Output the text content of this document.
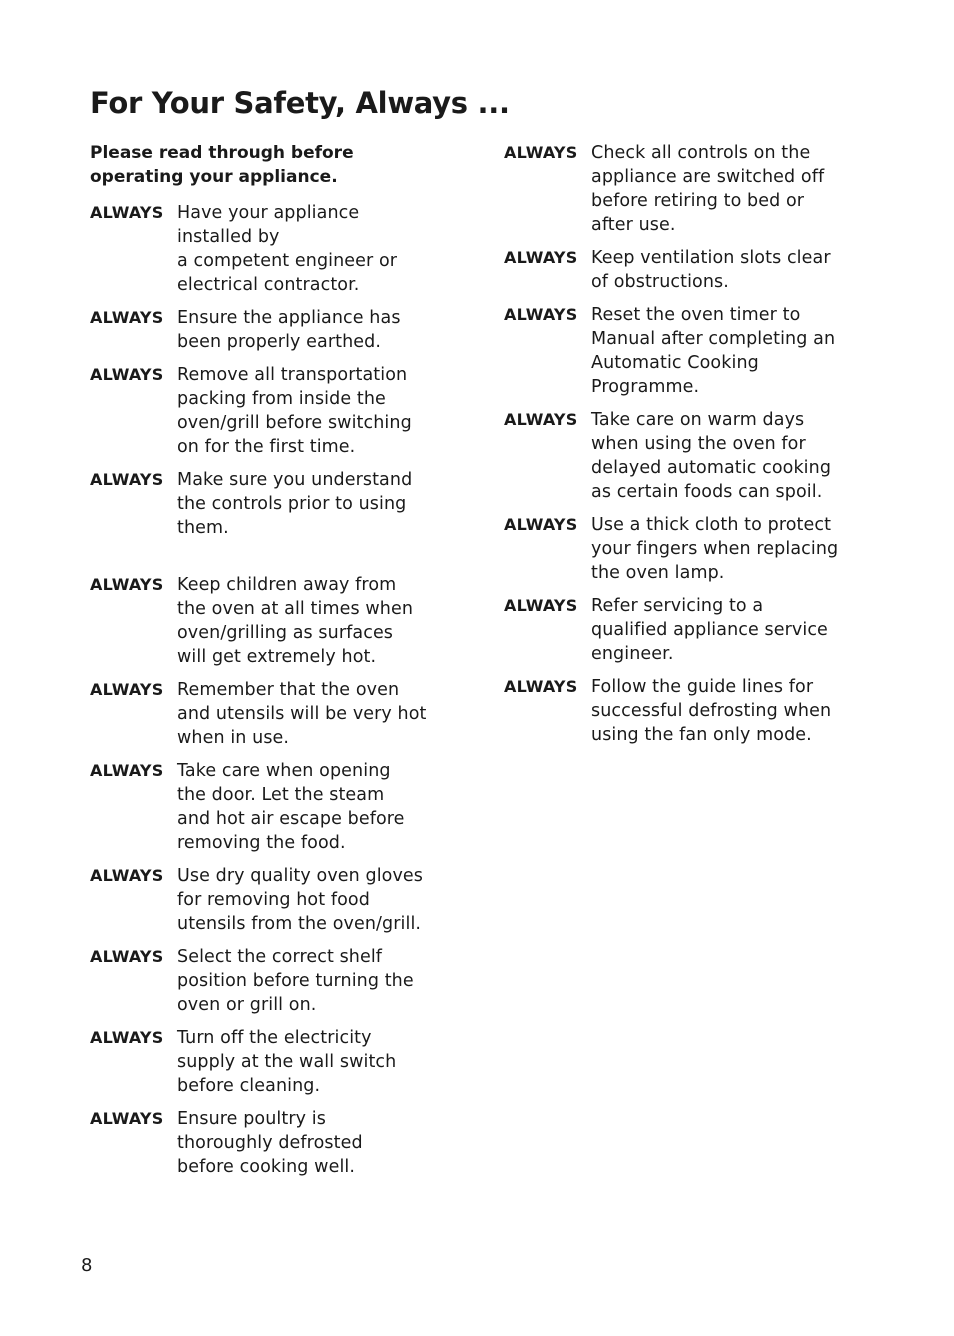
For Your Safety, Always ...

Please read through before operating your appliance.

ALWAYS Have your appliance
installed by
a competent engineer or
electrical contractor.
ALWAYS Ensure the appliance has
been properly earthed.
ALWAYS Remove all transportation
packing from inside the
oven/grill before switching
on for the first time.
ALWAYS Make sure you understand
the controls prior to using
them.
ALWAYS Keep children away from
the oven at all times when
oven/grilling as surfaces
will get extremely hot.
ALWAYS Remember that the oven
and utensils will be very hot
when in use.
ALWAYS Take care when opening
the door. Let the steam
and hot air escape before
removing the food.
ALWAYS Use dry quality oven gloves
for removing hot food
utensils from the oven/grill.
ALWAYS Select the correct shelf
position before turning the
oven or grill on.
ALWAYS Turn off the electricity
supply at the wall switch
before cleaning.
ALWAYS Ensure poultry is
thoroughly defrosted
before cooking well.
ALWAYS Check all controls on the
appliance are switched off
before retiring to bed or
after use.
ALWAYS Keep ventilation slots clear
of obstructions.
ALWAYS Reset the oven timer to
Manual after completing an
Automatic Cooking
Programme.
ALWAYS Take care on warm days
when using the oven for
delayed automatic cooking
as certain foods can spoil.
ALWAYS Use a thick cloth to protect
your fingers when replacing
the oven lamp.
ALWAYS Refer servicing to a
qualified appliance service
engineer.
ALWAYS Follow the guide lines for
successful defrosting when
using the fan only mode.
8
